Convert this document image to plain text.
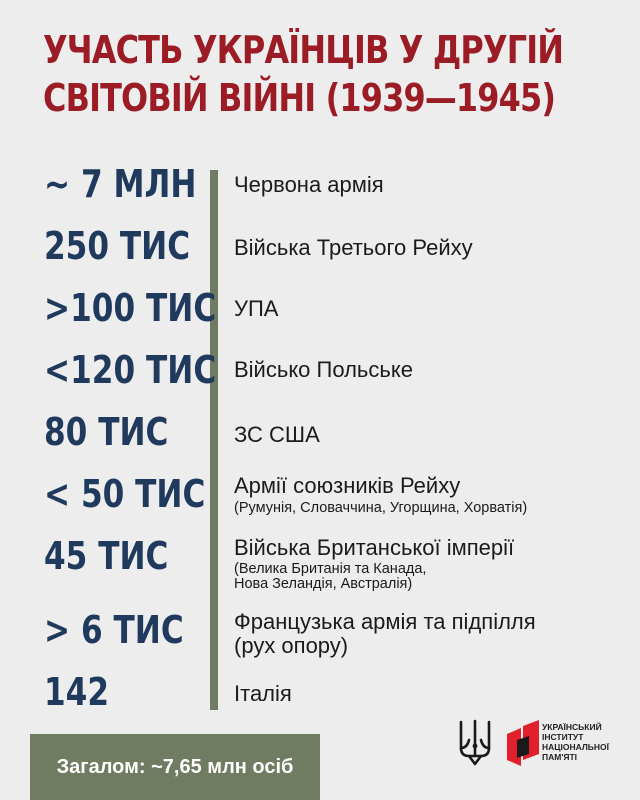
УЧАСТЬ УКРАЇНЦІВ У ДРУГІЙ
СВІТОВІЙ ВІЙНІ (1939—1945)
~ 7 МЛН Червона армія
250 ТИС Війська Третього Рейху
>100 ТИС УПА
<120 ТИС Військо Польське
80 ТИС	ЗС США
< 50 ТИС Армії союзників Рейху
(Румунія, Словаччина, Угорщина, Хорватія)
45 ТИС	Війська Британської імперії
(Велика Британія та Канада,
Нова Зеландія, Австралія)
> 6 ТИС Французька армія та підпілля
(рух опору)
142	Італія
Загалом: ~7,65 млн осіб
УКРАЇНСЬКИЙ
ІНСТИТУТ
НАЦІОНАЛЬНОЇ
ПАМ'ЯТІ
